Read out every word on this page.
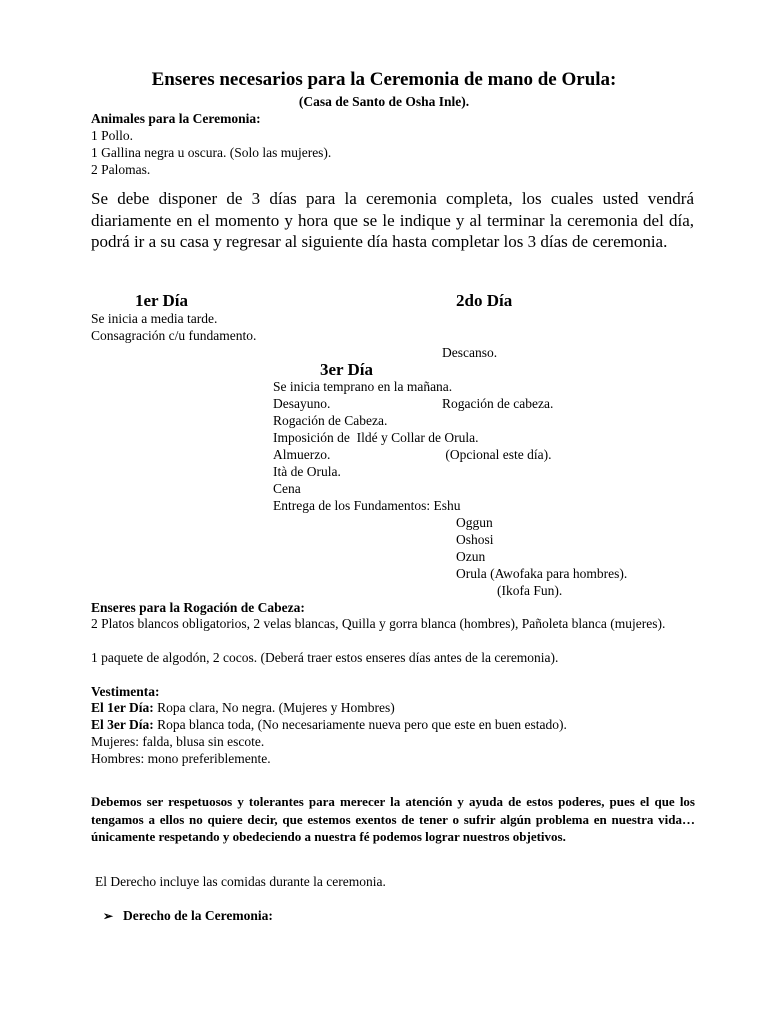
Enseres necesarios para la Ceremonia de mano de Orula:
(Casa de Santo de Osha Inle).
Animales para la Ceremonia:
1 Pollo.
1 Gallina negra u oscura. (Solo las mujeres).
2 Palomas.
Se debe disponer de 3 días para la ceremonia completa, los cuales usted vendrá diariamente en el momento y hora que se le indique y al terminar la ceremonia del día, podrá ir a su casa y regresar al siguiente día hasta completar los 3 días de ceremonia.
1er Día
Se inicia a media tarde.
Consagración c/u fundamento.
2do Día

Descanso.

Rogación de cabeza.

(Opcional este día).

3er Día
Se inicia temprano en la mañana.
Desayuno.
Rogación de Cabeza.
Imposición de  Ildé y Collar de Orula.
Almuerzo.
Ità de Orula.
Cena
Entrega de los Fundamentos: Eshu
Oggun
Oshosi
Ozun
Orula (Awofaka para hombres).
(Ikofa Fun).
Enseres para la Rogación de Cabeza:
2 Platos blancos obligatorios, 2 velas blancas, Quilla y gorra blanca (hombres), Pañoleta blanca (mujeres).
1 paquete de algodón, 2 cocos. (Deberá traer estos enseres días antes de la ceremonia).
Vestimenta:
El 1er Día: Ropa clara, No negra. (Mujeres y Hombres)
El 3er Día: Ropa blanca toda, (No necesariamente nueva pero que este en buen estado).
Mujeres: falda, blusa sin escote.
Hombres: mono preferiblemente.
Debemos ser respetuosos y tolerantes para merecer la atención y ayuda de estos poderes, pues el que los tengamos a ellos no quiere decir, que estemos exentos de tener o sufrir algún problema en nuestra vida…únicamente respetando y obedeciendo a nuestra fé podemos lograr nuestros objetivos.
El Derecho incluye las comidas durante la ceremonia.
➢ Derecho de la Ceremonia:
